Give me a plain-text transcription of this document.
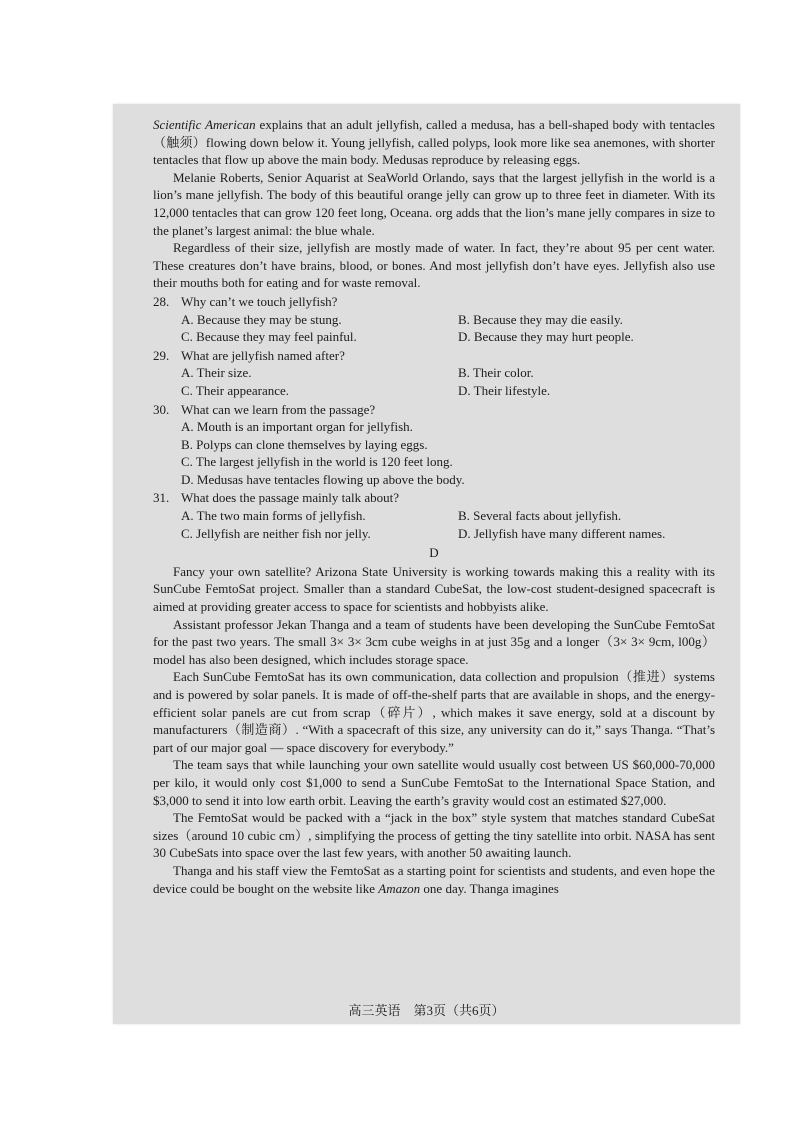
Scientific American explains that an adult jellyfish, called a medusa, has a bell-shaped body with tentacles（触须）flowing down below it. Young jellyfish, called polyps, look more like sea anemones, with shorter tentacles that flow up above the main body. Medusas reproduce by releasing eggs.

Melanie Roberts, Senior Aquarist at SeaWorld Orlando, says that the largest jellyfish in the world is a lion’s mane jellyfish. The body of this beautiful orange jelly can grow up to three feet in diameter. With its 12,000 tentacles that can grow 120 feet long, Oceana. org adds that the lion’s mane jelly compares in size to the planet’s largest animal: the blue whale.

Regardless of their size, jellyfish are mostly made of water. In fact, they’re about 95 per cent water. These creatures don’t have brains, blood, or bones. And most jellyfish don’t have eyes. Jellyfish also use their mouths both for eating and for waste removal.

28. Why can’t we touch jellyfish?
A. Because they may be stung.	B. Because they may die easily.
C. Because they may feel painful.	D. Because they may hurt people.
29. What are jellyfish named after?
A. Their size.	B. Their color.
C. Their appearance.	D. Their lifestyle.
30. What can we learn from the passage?
A. Mouth is an important organ for jellyfish.
B. Polyps can clone themselves by laying eggs.
C. The largest jellyfish in the world is 120 feet long.
D. Medusas have tentacles flowing up above the body.
31. What does the passage mainly talk about?
A. The two main forms of jellyfish.	B. Several facts about jellyfish.
C. Jellyfish are neither fish nor jelly.	D. Jellyfish have many different names.
D

Fancy your own satellite? Arizona State University is working towards making this a reality with its SunCube FemtoSat project. Smaller than a standard CubeSat, the low-cost student-designed spacecraft is aimed at providing greater access to space for scientists and hobbyists alike.

Assistant professor Jekan Thanga and a team of students have been developing the SunCube FemtoSat for the past two years. The small 3× 3× 3cm cube weighs in at just 35g and a longer（3× 3× 9cm, l00g）model has also been designed, which includes storage space.

Each SunCube FemtoSat has its own communication, data collection and propulsion（推进）systems and is powered by solar panels. It is made of off-the-shelf parts that are available in shops, and the energy-efficient solar panels are cut from scrap（碎片）, which makes it save energy, sold at a discount by manufacturers（制造商）. “With a spacecraft of this size, any university can do it,” says Thanga. “That’s part of our major goal — space discovery for everybody.”

The team says that while launching your own satellite would usually cost between US $60,000-70,000 per kilo, it would only cost $1,000 to send a SunCube FemtoSat to the International Space Station, and $3,000 to send it into low earth orbit. Leaving the earth’s gravity would cost an estimated $27,000.

The FemtoSat would be packed with a “jack in the box” style system that matches standard CubeSat sizes（around 10 cubic cm）, simplifying the process of getting the tiny satellite into orbit. NASA has sent 30 CubeSats into space over the last few years, with another 50 awaiting launch.

Thanga and his staff view the FemtoSat as a starting point for scientists and students, and even hope the device could be bought on the website like Amazon one day. Thanga imagines

高三英语　第3页（共6页）
